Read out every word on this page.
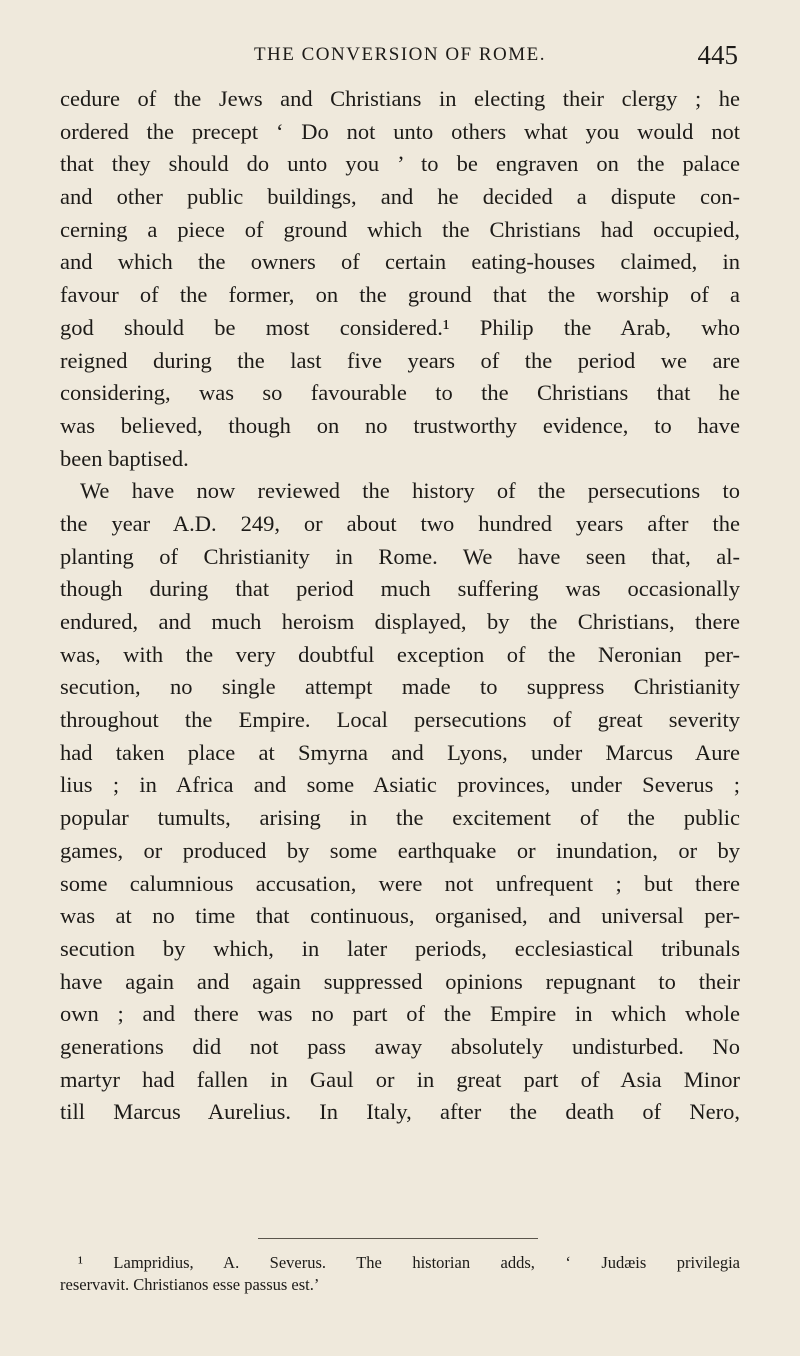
THE CONVERSION OF ROME.	445
cedure of the Jews and Christians in electing their clergy ; he
ordered the precept ‘ Do not unto others what you would not
that they should do unto you ’ to be engraven on the palace
and other public buildings, and he decided a dispute con-
cerning a piece of ground which the Christians had occupied,
and which the owners of certain eating-houses claimed, in
favour of the former, on the ground that the worship of a
god should be most considered.¹ Philip the Arab, who
reigned during the last five years of the period we are
considering, was so favourable to the Christians that he
was believed, though on no trustworthy evidence, to have
been baptised.
We have now reviewed the history of the persecutions to
the year A.D. 249, or about two hundred years after the
planting of Christianity in Rome. We have seen that, al-
though during that period much suffering was occasionally
endured, and much heroism displayed, by the Christians, there
was, with the very doubtful exception of the Neronian per-
secution, no single attempt made to suppress Christianity
throughout the Empire. Local persecutions of great severity
had taken place at Smyrna and Lyons, under Marcus Aure
lius ; in Africa and some Asiatic provinces, under Severus ;
popular tumults, arising in the excitement of the public
games, or produced by some earthquake or inundation, or by
some calumnious accusation, were not unfrequent ; but there
was at no time that continuous, organised, and universal per-
secution by which, in later periods, ecclesiastical tribunals
have again and again suppressed opinions repugnant to their
own ; and there was no part of the Empire in which whole
generations did not pass away absolutely undisturbed. No
martyr had fallen in Gaul or in great part of Asia Minor
till Marcus Aurelius. In Italy, after the death of Nero,
¹ Lampridius, A. Severus. The historian adds, ‘ Judæis privilegia
reservavit. Christianos esse passus est.’
